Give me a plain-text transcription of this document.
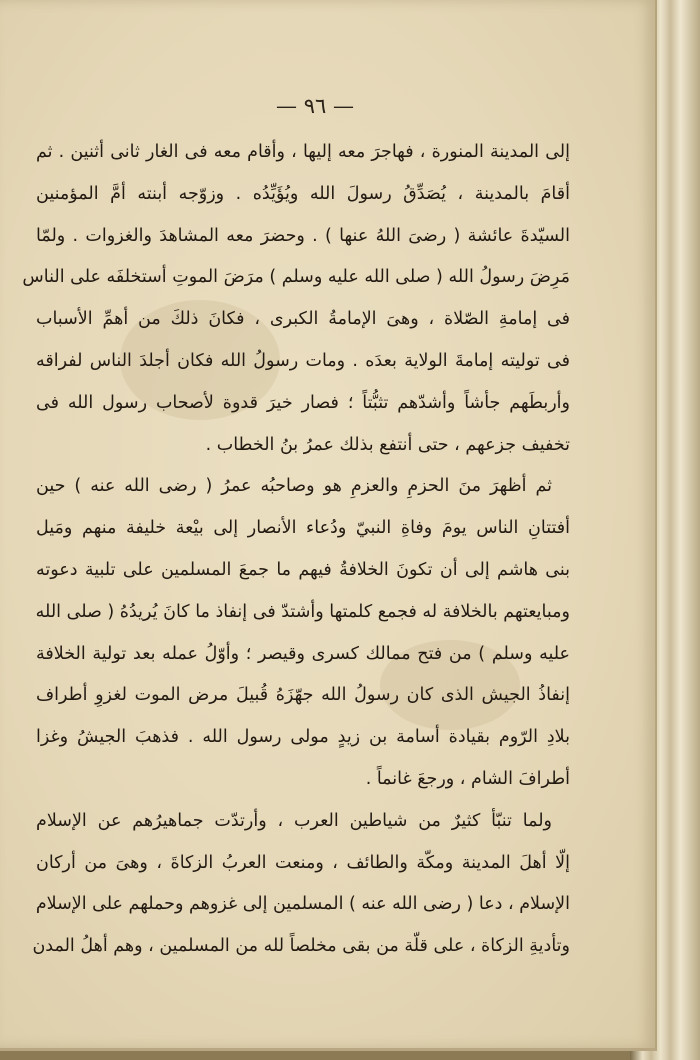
— ٩٦ —
إلى المدينة المنورة ، فهاجرَ معه إليها ، وأقام معه فى الغار ثانى أثنين . ثم
أقامَ بالمدينة ، يُصَدِّقُ رسولَ الله ويُؤَيِّدُه . وزوّجه أبنته أمَّ المؤمنين
السيّدةَ عائشة ( رضىَ اللهُ عنها ) . وحضرَ معه المشاهدَ والغزوات . ولمّا
مَرِضَ رسولُ الله ( صلى الله عليه وسلم ) مرَضَ الموتِ أستخلفَه على الناس
فى إمامةِ الصّلاة ، وهىَ الإمامةُ الكبرى ، فكانَ ذلكَ من أهمِّ الأسباب
فى توليته إمامةَ الولاية بعدَه . ومات رسولُ الله فكان أجلدَ الناس لفراقه
وأربطَهم جأشاً وأشدّهم تثبُّتاً ؛ فصار خيرَ قدوة لأصحاب رسول الله فى
تخفيف جزعهم ، حتى أنتفع بذلك عمرُ بنُ الخطاب .
ثم أظهرَ منَ الحزمِ والعزمِ هو وصاحبُه عمرُ ( رضى الله عنه ) حين
أفتتانِ الناس يومَ وفاةِ النبيّ ودُعاء الأنصار إلى بيْعة خليفة منهم ومَيل
بنى هاشم إلى أن تكونَ الخلافةُ فيهم ما جمعَ المسلمين على تلبية دعوته
ومبايعتهم بالخلافة له فجمع كلمتها وأشتدّ فى إنفاذ ما كانَ يُريدُهُ ( صلى الله
عليه وسلم ) من فتح ممالك كسرى وقيصر ؛ وأوّلُ عمله بعد تولية الخلافة
إنفاذُ الجيش الذى كان رسولُ الله جهّزَهُ قُبيلَ مرض الموت لغزوِ أطراف
بلادِ الرّوم بقيادة أسامة بن زيدٍ مولى رسول الله . فذهبَ الجيشُ وغزا
أطرافَ الشام ، ورجعَ غانماً .
ولما تنبّأ كثيرٌ من شياطين العرب ، وأرتدّت جماهيرُهم عن الإسلام
إلّا أهلَ المدينة ومكّة والطائف ، ومنعت العربُ الزكاةَ ، وهىَ من أركان
الإسلام ، دعا ( رضى الله عنه ) المسلمين إلى غزوهم وحملهم على الإسلام
وتأديةِ الزكاة ، على قلّة من بقى مخلصاً لله من المسلمين ، وهم أهلُ المدن
